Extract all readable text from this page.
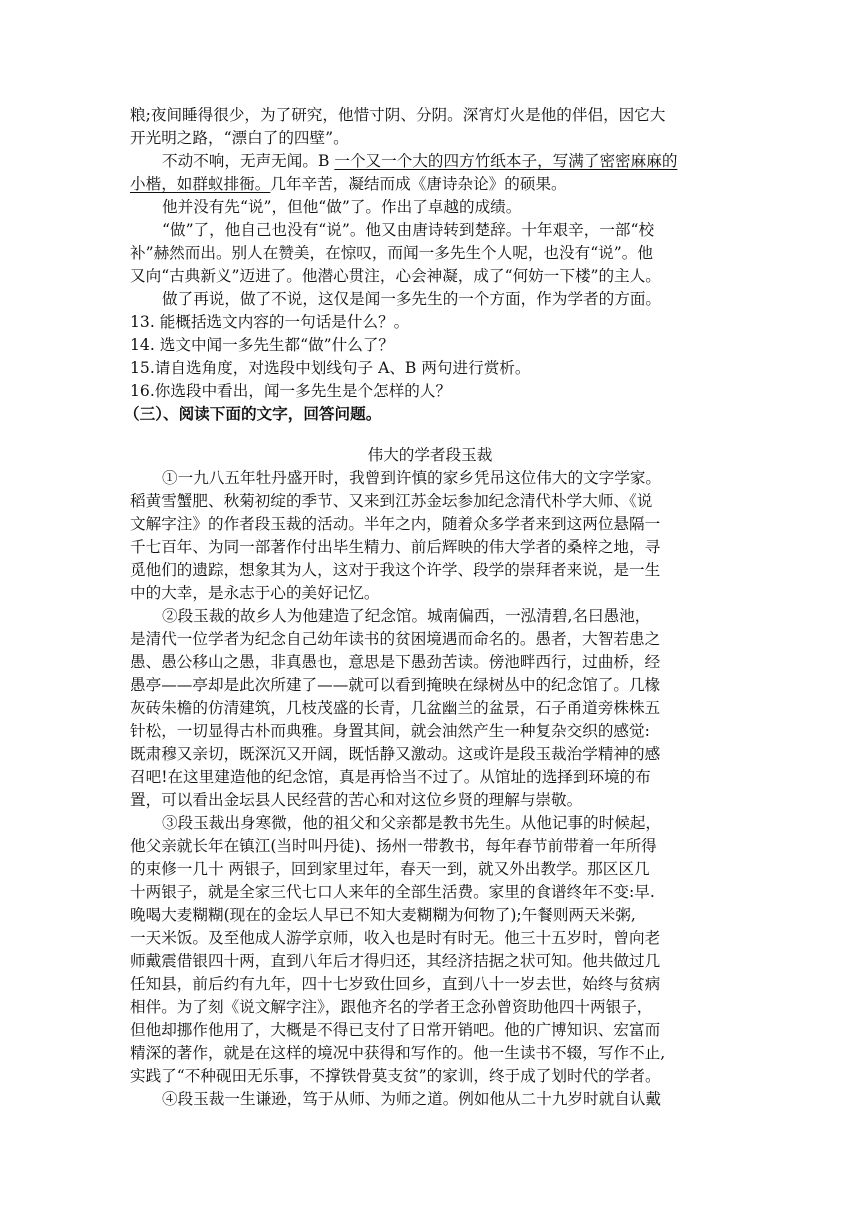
粮;夜间睡得很少，为了研究，他惜寸阴、分阴。深宵灯火是他的伴侣，因它大
开光明之路，“漂白了的四壁”。
不动不响，无声无闻。B 一个又一个大的四方竹纸本子，写满了密密麻麻的
小楷，如群蚁排衙。几年辛苦，凝结而成《唐诗杂论》的硕果。
他并没有先“说”，但他“做”了。作出了卓越的成绩。
“做”了，他自己也没有“说”。他又由唐诗转到楚辞。十年艰辛，一部“校
补”赫然而出。别人在赞美，在惊叹，而闻一多先生个人呢，也没有“说”。他
又向“古典新义”迈进了。他潜心贯注，心会神凝，成了“何妨一下楼”的主人。
做了再说，做了不说，这仅是闻一多先生的一个方面，作为学者的方面。
13. 能概括选文内容的一句话是什么？。
14. 选文中闻一多先生都“做”什么了？
15.请自选角度，对选段中划线句子 A、B 两句进行赏析。
16.你选段中看出，闻一多先生是个怎样的人？
（三）、阅读下面的文字，回答问题。
伟大的学者段玉裁
①一九八五年牡丹盛开时，我曾到许慎的家乡凭吊这位伟大的文字学家。
稻黄雪蟹肥、秋菊初绽的季节、又来到江苏金坛参加纪念清代朴学大师、《说
文解字注》的作者段玉裁的活动。半年之内，随着众多学者来到这两位悬隔一
千七百年、为同一部著作付出毕生精力、前后辉映的伟大学者的桑梓之地，寻
觅他们的遗踪，想象其为人，这对于我这个许学、段学的崇拜者来说，是一生
中的大幸，是永志于心的美好记忆。
②段玉裁的故乡人为他建造了纪念馆。城南偏西，一泓清碧,名曰愚池，
是清代一位学者为纪念自己幼年读书的贫困境遇而命名的。愚者，大智若患之
愚、愚公移山之愚，非真愚也，意思是下愚劲苦读。傍池畔西行，过曲桥，经
愚亭——亭却是此次所建了——就可以看到掩映在绿树丛中的纪念馆了。几椽
灰砖朱檐的仿清建筑，几枝茂盛的长青，几盆幽兰的盆景，石子甬道旁株株五
针松，一切显得古朴而典雅。身置其间，就会油然产生一种复杂交织的感觉:
既肃穆又亲切，既深沉又开阔，既恬静又激动。这或许是段玉裁治学精神的感
召吧!在这里建造他的纪念馆，真是再恰当不过了。从馆址的选择到环境的布
置，可以看出金坛县人民经营的苦心和对这位乡贤的理解与崇敬。
③段玉裁出身寒微，他的祖父和父亲都是教书先生。从他记事的时候起，
他父亲就长年在镇江(当时叫丹徒)、扬州一带教书，每年春节前带着一年所得
的束修一几十 两银子，回到家里过年，春天一到，就又外出教学。那区区几
十两银子，就是全家三代七口人来年的全部生活费。家里的食谱终年不变:早.
晚喝大麦糊糊(现在的金坛人早已不知大麦糊糊为何物了);午餐则两天米粥,
一天米饭。及至他成人游学京师，收入也是时有时无。他三十五岁时，曾向老
师戴震借银四十两，直到八年后才得归还，其经济拮据之状可知。他共做过几
任知县，前后约有九年，四十七岁致仕回乡，直到八十一岁去世，始终与贫病
相伴。为了刻《说文解字注》，跟他齐名的学者王念孙曾资助他四十两银子，
但他却挪作他用了，大概是不得已支付了日常开销吧。他的广博知识、宏富而
精深的著作，就是在这样的境况中获得和写作的。他一生读书不辍，写作不止,
实践了“不种砚田无乐事，不撑铁骨莫支贫”的家训，终于成了划时代的学者。
④段玉裁一生谦逊，笃于从师、为师之道。例如他从二十九岁时就自认戴
